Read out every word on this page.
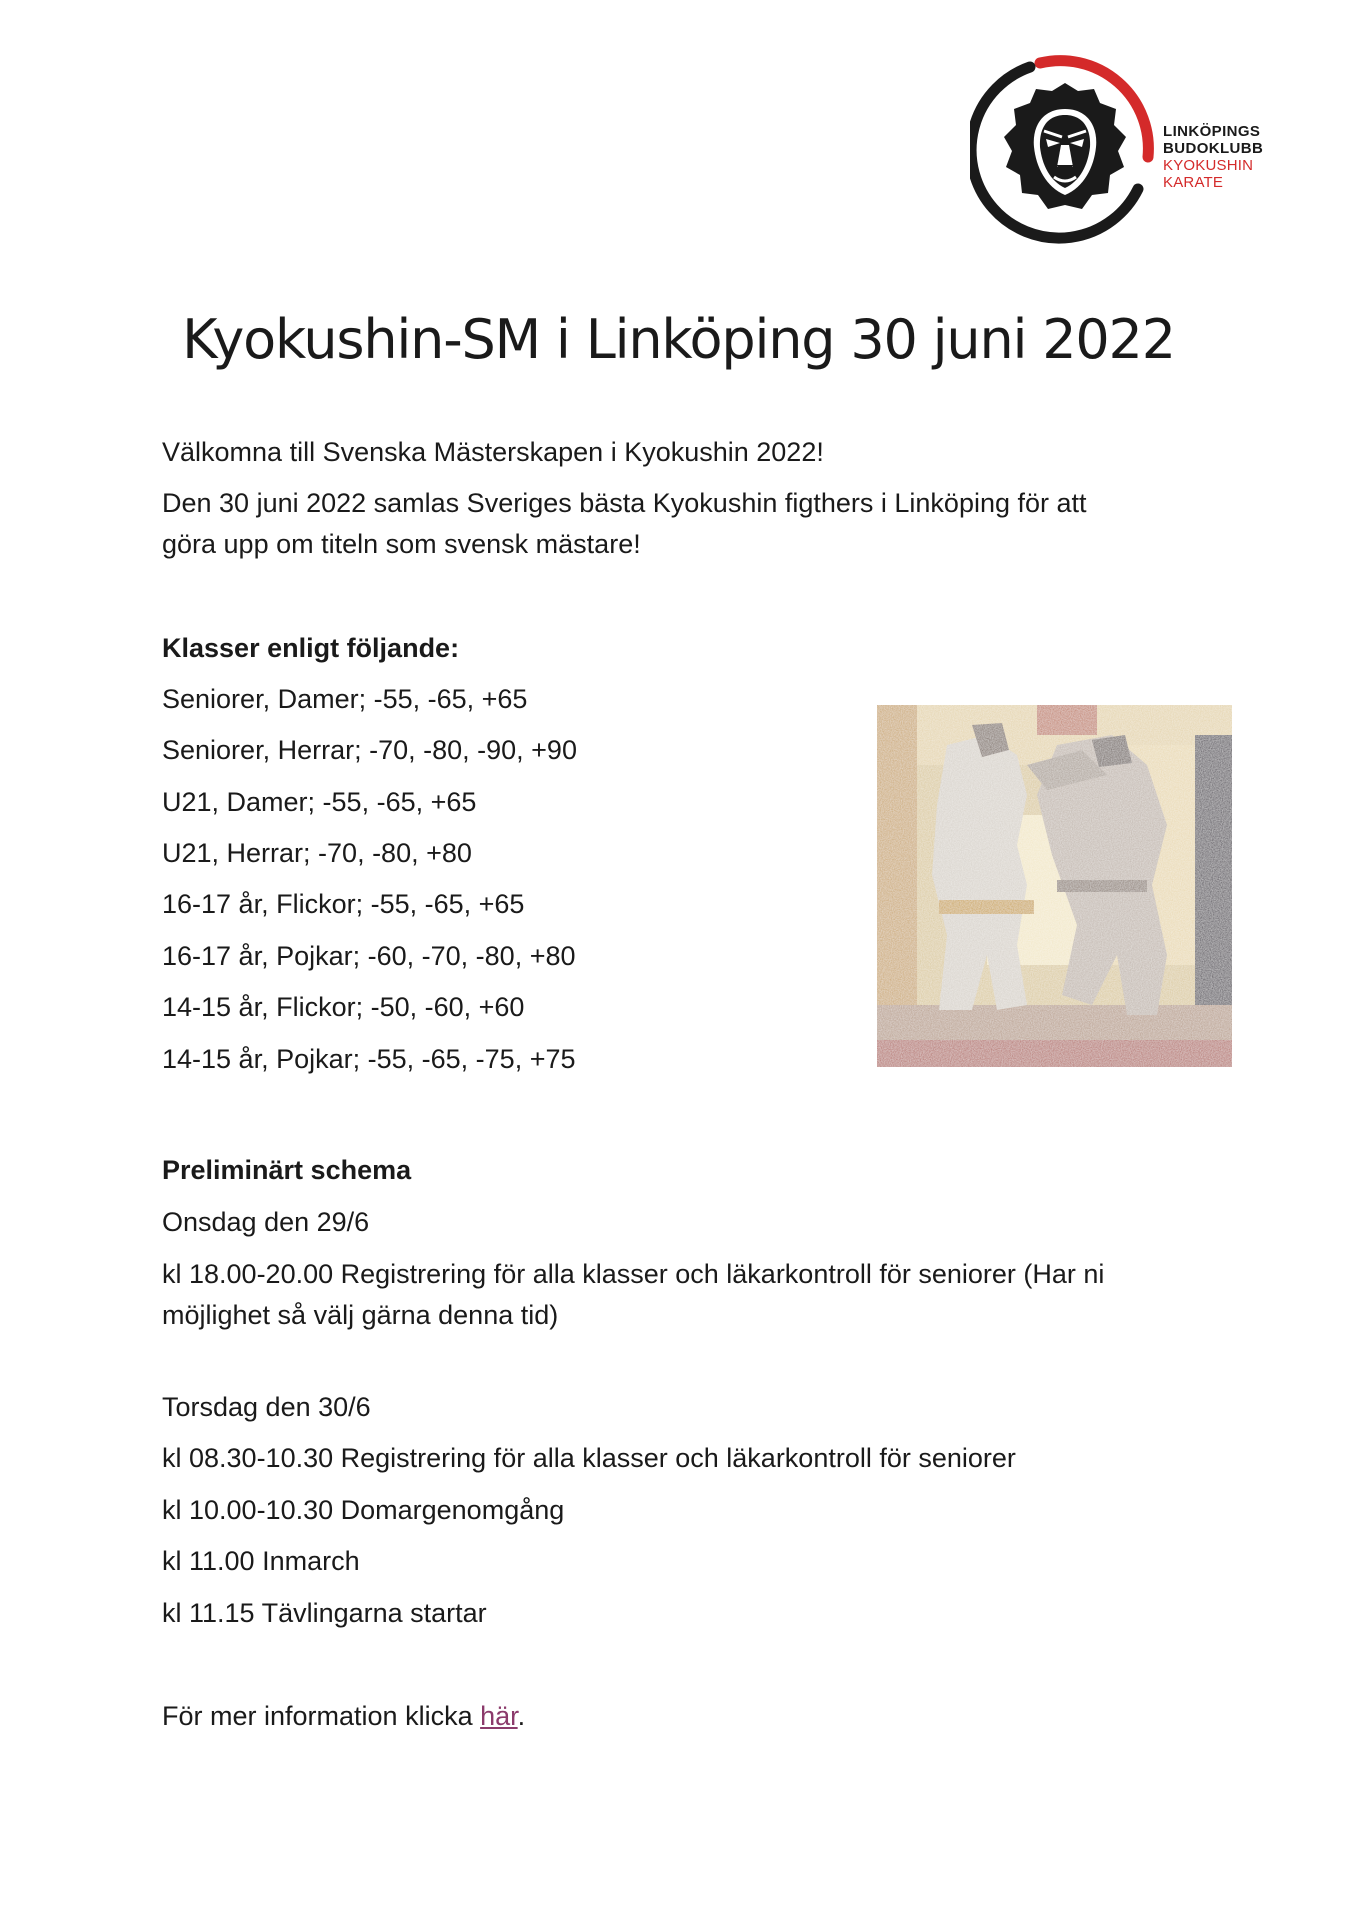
LINKÖPINGS
BUDOKLUBB
KYOKUSHIN
KARATE
Kyokushin-SM i Linköping 30 juni 2022
Välkomna till Svenska Mästerskapen i Kyokushin 2022!
Den 30 juni 2022 samlas Sveriges bästa Kyokushin figthers i Linköping för att
göra upp om titeln som svensk mästare!
Klasser enligt följande:
Seniorer, Damer; -55, -65, +65
Seniorer, Herrar; -70, -80, -90, +90
U21, Damer; -55, -65, +65
U21, Herrar; -70, -80, +80
16-17 år, Flickor; -55, -65, +65
16-17 år, Pojkar; -60, -70, -80, +80
14-15 år, Flickor; -50, -60, +60
14-15 år, Pojkar; -55, -65, -75, +75
Preliminärt schema
Onsdag den 29/6
kl 18.00-20.00 Registrering för alla klasser och läkarkontroll för seniorer (Har ni
möjlighet så välj gärna denna tid)
Torsdag den 30/6
kl 08.30-10.30 Registrering för alla klasser och läkarkontroll för seniorer
kl 10.00-10.30 Domargenomgång
kl 11.00 Inmarch
kl 11.15 Tävlingarna startar
För mer information klicka här.
